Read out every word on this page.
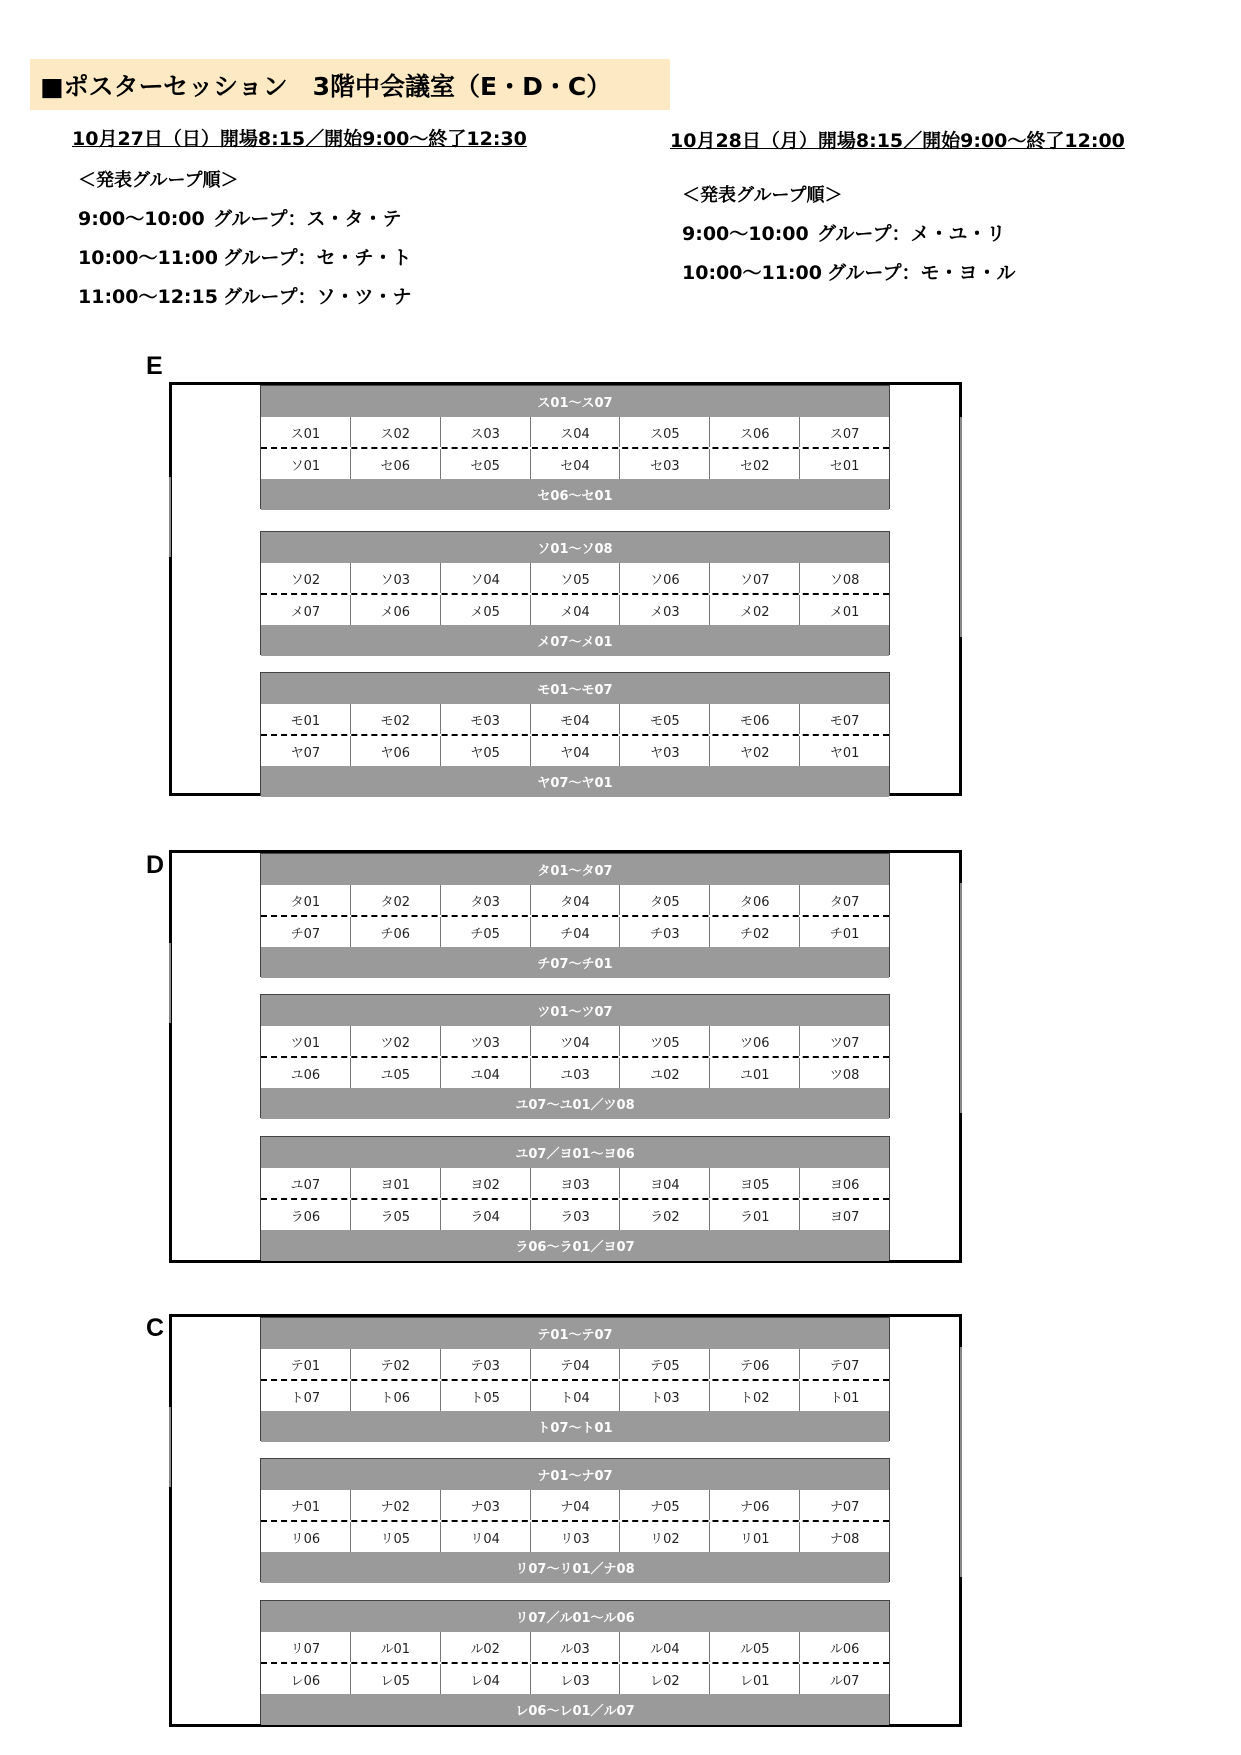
■ポスターセッション　3階中会議室（E・D・C）
10月27日（日）開場8:15／開始9:00〜終了12:30	10月28日（月）開場8:15／開始9:00〜終了12:00
＜発表グループ順＞
9:00〜10:00 グループ：ス・タ・テ
10:00〜11:00 グループ：セ・チ・ト
11:00〜12:15 グループ：ソ・ツ・ナ
＜発表グループ順＞
9:00〜10:00 グループ：メ・ユ・リ
10:00〜11:00 グループ：モ・ヨ・ル
E
D
C
ス01〜ス07
ス01	ス02	ス03	ス04	ス05	ス06	ス07
ソ01	セ06	セ05	セ04	セ03	セ02	セ01
セ06〜セ01
ソ01〜ソ08
ソ02	ソ03	ソ04	ソ05	ソ06	ソ07	ソ08
メ07	メ06	メ05	メ04	メ03	メ02	メ01
メ07〜メ01
モ01〜モ07
モ01	モ02	モ03	モ04	モ05	モ06	モ07
ヤ07	ヤ06	ヤ05	ヤ04	ヤ03	ヤ02	ヤ01
ヤ07〜ヤ01
タ01〜タ07
タ01	タ02	タ03	タ04	タ05	タ06	タ07
チ07	チ06	チ05	チ04	チ03	チ02	チ01
チ07〜チ01
ツ01〜ツ07
ツ01	ツ02	ツ03	ツ04	ツ05	ツ06	ツ07
ユ06	ユ05	ユ04	ユ03	ユ02	ユ01	ツ08
ユ07〜ユ01／ツ08
ユ07／ヨ01〜ヨ06
ユ07	ヨ01	ヨ02	ヨ03	ヨ04	ヨ05	ヨ06
ラ06	ラ05	ラ04	ラ03	ラ02	ラ01	ヨ07
ラ06〜ラ01／ヨ07
テ01〜テ07
テ01	テ02	テ03	テ04	テ05	テ06	テ07
ト07	ト06	ト05	ト04	ト03	ト02	ト01
ト07〜ト01
ナ01〜ナ07
ナ01	ナ02	ナ03	ナ04	ナ05	ナ06	ナ07
リ06	リ05	リ04	リ03	リ02	リ01	ナ08
リ07〜リ01／ナ08
リ07／ル01〜ル06
リ07	ル01	ル02	ル03	ル04	ル05	ル06
レ06	レ05	レ04	レ03	レ02	レ01	ル07
レ06〜レ01／ル07
